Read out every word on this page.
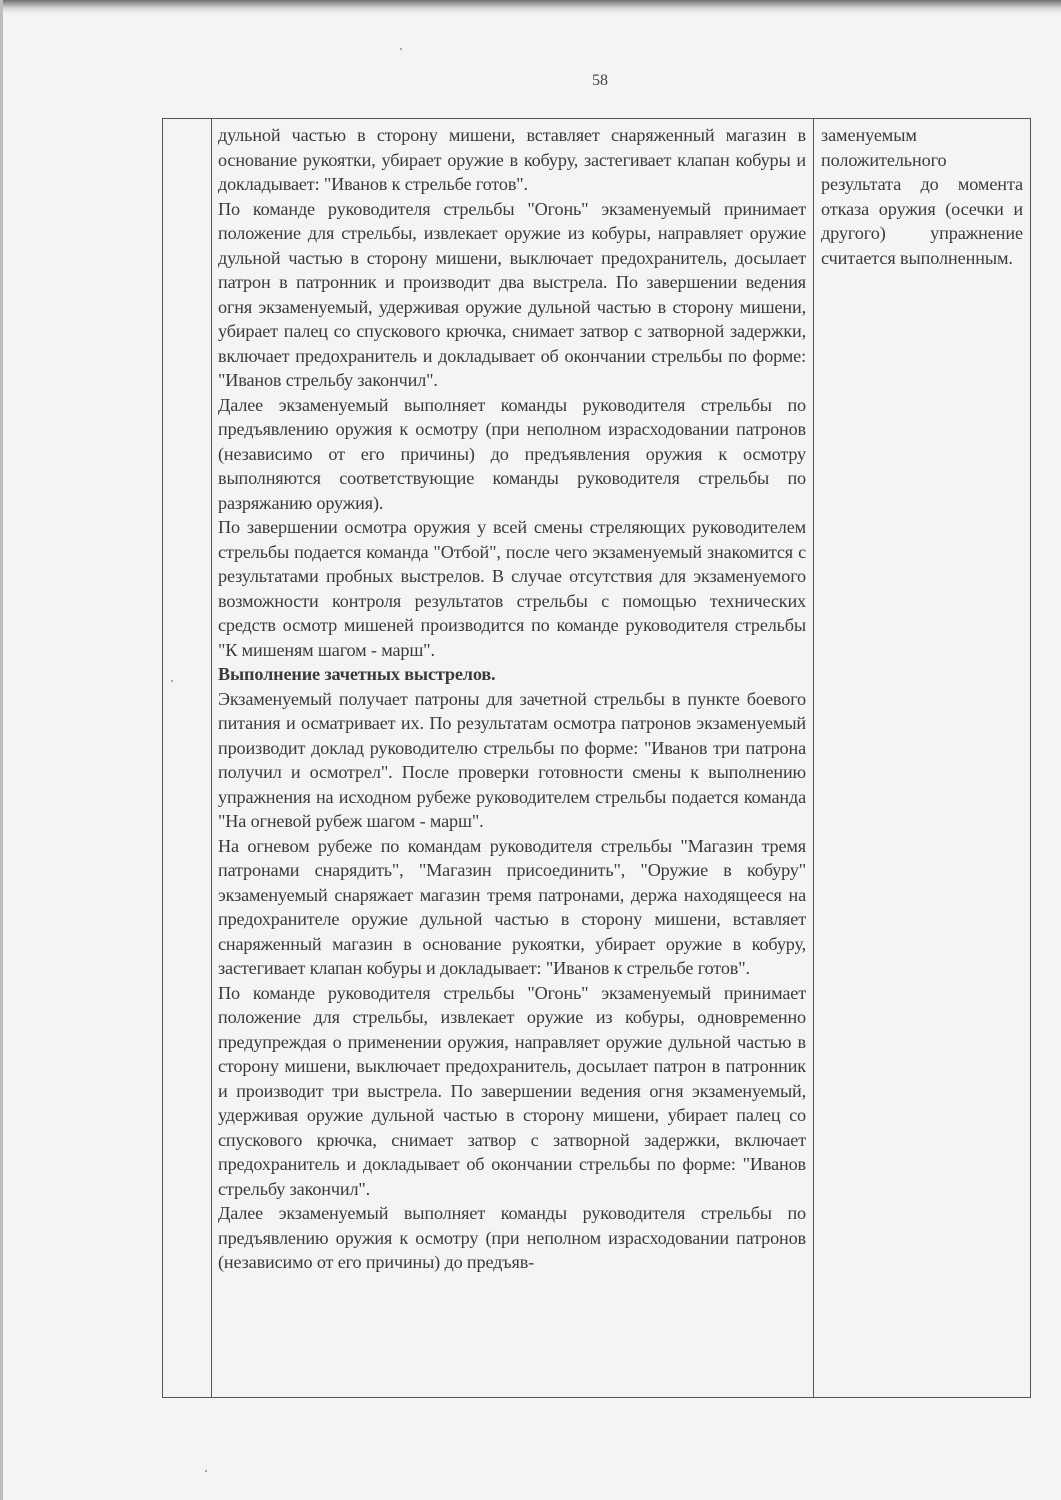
58

дульной частью в сторону мишени, вставляет снаряженный магазин в основание рукоятки, убирает оружие в кобуру, застегивает клапан кобуры и докладывает: "Иванов к стрельбе готов".

По команде руководителя стрельбы "Огонь" экзаменуемый принимает положение для стрельбы, извлекает оружие из кобуры, направляет оружие дульной частью в сторону мишени, выключает предохранитель, досылает патрон в патронник и производит два выстрела. По завершении ведения огня экзаменуемый, удерживая оружие дульной частью в сторону мишени, убирает палец со спускового крючка, снимает затвор с затворной задержки, включает предохранитель и докладывает об окончании стрельбы по форме: "Иванов стрельбу закончил".

Далее экзаменуемый выполняет команды руководителя стрельбы по предъявлению оружия к осмотру (при неполном израсходовании патронов (независимо от его причины) до предъявления оружия к осмотру выполняются соответствующие команды руководителя стрельбы по разряжанию оружия).

По завершении осмотра оружия у всей смены стреляющих руководителем стрельбы подается команда "Отбой", после чего экзаменуемый знакомится с результатами пробных выстрелов. В случае отсутствия для экзаменуемого возможности контроля результатов стрельбы с помощью технических средств осмотр мишеней производится по команде руководителя стрельбы "К мишеням шагом - марш".

Выполнение зачетных выстрелов.

Экзаменуемый получает патроны для зачетной стрельбы в пункте боевого питания и осматривает их. По результатам осмотра патронов экзаменуемый производит доклад руководителю стрельбы по форме: "Иванов три патрона получил и осмотрел". После проверки готовности смены к выполнению упражнения на исходном рубеже руководителем стрельбы подается команда "На огневой рубеж шагом - марш".

На огневом рубеже по командам руководителя стрельбы "Магазин тремя патронами снарядить", "Магазин присоединить", "Оружие в кобуру" экзаменуемый снаряжает магазин тремя патронами, держа находящееся на предохранителе оружие дульной частью в сторону мишени, вставляет снаряженный магазин в основание рукоятки, убирает оружие в кобуру, застегивает клапан кобуры и докладывает: "Иванов к стрельбе готов".

По команде руководителя стрельбы "Огонь" экзаменуемый принимает положение для стрельбы, извлекает оружие из кобуры, одновременно предупреждая о применении оружия, направляет оружие дульной частью в сторону мишени, выключает предохранитель, досылает патрон в патронник и производит три выстрела. По завершении ведения огня экзаменуемый, удерживая оружие дульной частью в сторону мишени, убирает палец со спускового крючка, снимает затвор с затворной задержки, включает предохранитель и докладывает об окончании стрельбы по форме: "Иванов стрельбу закончил".

Далее экзаменуемый выполняет команды руководителя стрельбы по предъявлению оружия к осмотру (при неполном израсходовании патронов (независимо от его причины) до предъяв-

заменуемым положительного результата до момента отказа оружия (осечки и другого) упражнение считается выполненным.
